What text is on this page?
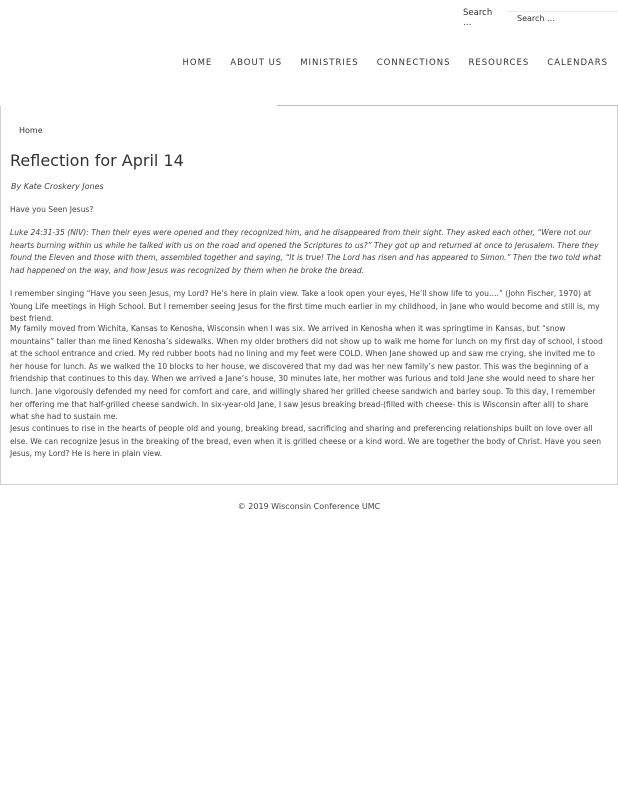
Search …
Search …
HOME ABOUT US MINISTRIES CONNECTIONS RESOURCES CALENDARS
Home
Reflection for April 14
By Kate Croskery Jones

Have you Seen Jesus?

Luke 24:31-35 (NIV): Then their eyes were opened and they recognized him, and he disappeared from their sight. They asked each other, “Were not our hearts burning within us while he talked with us on the road and opened the Scriptures to us?” They got up and returned at once to Jerusalem. There they found the Eleven and those with them, assembled together and saying, “It is true! The Lord has risen and has appeared to Simon.” Then the two told what had happened on the way, and how Jesus was recognized by them when he broke the bread.

I remember singing “Have you seen Jesus, my Lord? He’s here in plain view. Take a look open your eyes, He’ll show life to you….” (John Fischer, 1970) at Young Life meetings in High School. But I remember seeing Jesus for the first time much earlier in my childhood, in Jane who would become and still is, my best friend.

My family moved from Wichita, Kansas to Kenosha, Wisconsin when I was six. We arrived in Kenosha when it was springtime in Kansas, but “snow mountains” taller than me lined Kenosha’s sidewalks. When my older brothers did not show up to walk me home for lunch on my first day of school, I stood at the school entrance and cried. My red rubber boots had no lining and my feet were COLD. When Jane showed up and saw me crying, she invited me to her house for lunch. As we walked the 10 blocks to her house, we discovered that my dad was her new family’s new pastor. This was the beginning of a friendship that continues to this day. When we arrived a Jane’s house, 30 minutes late, her mother was furious and told Jane she would need to share her lunch. Jane vigorously defended my need for comfort and care, and willingly shared her grilled cheese sandwich and barley soup. To this day, I remember her offering me that half-grilled cheese sandwich. In six-year-old Jane, I saw Jesus breaking bread-(filled with cheese- this is Wisconsin after all) to share what she had to sustain me.

Jesus continues to rise in the hearts of people old and young, breaking bread, sacrificing and sharing and preferencing relationships built on love over all else. We can recognize Jesus in the breaking of the bread, even when it is grilled cheese or a kind word. We are together the body of Christ. Have you seen Jesus, my Lord? He is here in plain view.

© 2019 Wisconsin Conference UMC
